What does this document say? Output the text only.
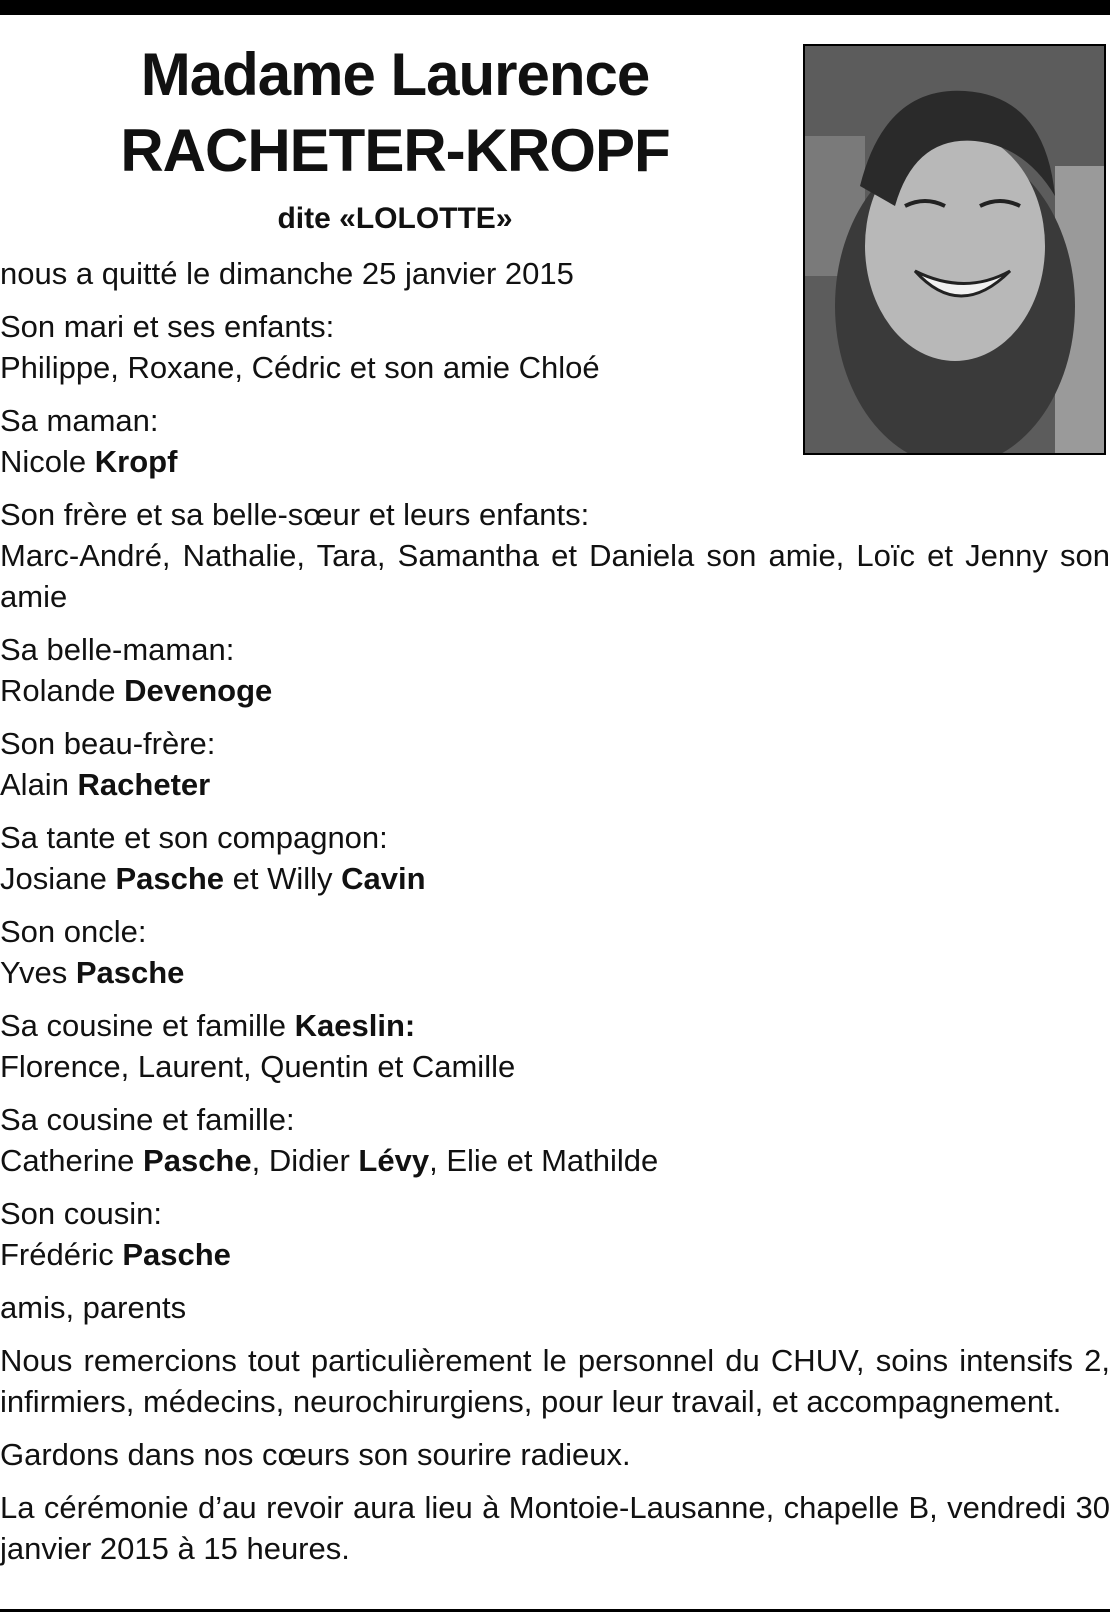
Madame Laurence
RACHETER-KROPF
dite «LOLOTTE»

nous a quitté le dimanche 25 janvier 2015

Son mari et ses enfants:
Philippe, Roxane, Cédric et son amie Chloé

Sa maman:
Nicole Kropf

Son frère et sa belle-sœur et leurs enfants:
Marc-André, Nathalie, Tara, Samantha et Daniela son amie, Loïc et Jenny son amie

Sa belle-maman:
Rolande Devenoge

Son beau-frère:
Alain Racheter

Sa tante et son compagnon:
Josiane Pasche et Willy Cavin

Son oncle:
Yves Pasche

Sa cousine et famille Kaeslin:
Florence, Laurent, Quentin et Camille

Sa cousine et famille:
Catherine Pasche, Didier Lévy, Elie et Mathilde

Son cousin:
Frédéric Pasche

amis, parents

Nous remercions tout particulièrement le personnel du CHUV, soins intensifs 2, infirmiers, médecins, neurochirurgiens, pour leur travail, et accompagnement.

Gardons dans nos cœurs son sourire radieux.

La cérémonie d’au revoir aura lieu à Montoie-Lausanne, chapelle B, vendredi 30 janvier 2015 à 15 heures.
